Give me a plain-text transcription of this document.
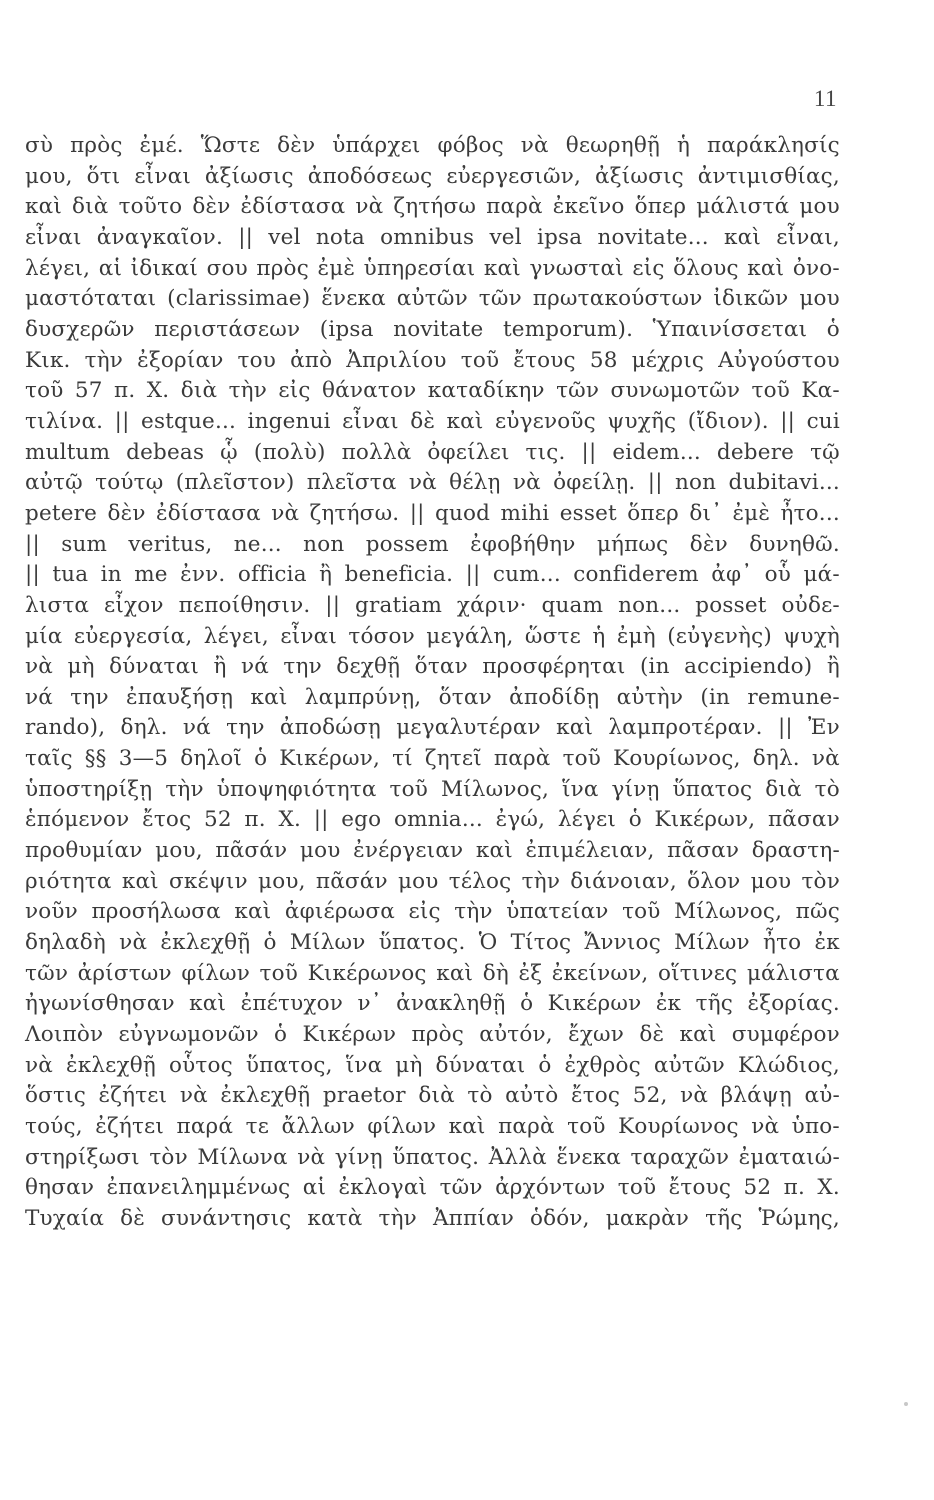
11
σὺ πρὸς ἐμέ. Ὥστε δὲν ὑπάρχει φόβος νὰ θεωρηθῇ ἡ παράκλησίς
μου, ὅτι εἶναι ἀξίωσις ἀποδόσεως εὐεργεσιῶν, ἀξίωσις ἀντιμισθίας,
καὶ διὰ τοῦτο δὲν ἐδίστασα νὰ ζητήσω παρὰ ἐκεῖνο ὅπερ μάλιστά μου
εἶναι ἀναγκαῖον. || vel nota omnibus vel ipsa novitate... καὶ εἶναι,
λέγει, αἱ ἰδικαί σου πρὸς ἐμὲ ὑπηρεσίαι καὶ γνωσταὶ εἰς ὅλους καὶ ὀνο-
μαστόταται (clarissimae) ἕνεκα αὐτῶν τῶν πρωτακούστων ἰδικῶν μου
δυσχερῶν περιστάσεων (ipsa novitate temporum). Ὑπαινίσσεται ὁ
Κικ. τὴν ἐξορίαν του ἀπὸ Ἀπριλίου τοῦ ἔτους 58 μέχρις Αὐγούστου
τοῦ 57 π. Χ. διὰ τὴν εἰς θάνατον καταδίκην τῶν συνωμοτῶν τοῦ Κα-
τιλίνα. || estque... ingenui εἶναι δὲ καὶ εὐγενοῦς ψυχῆς (ἴδιον). || cui
multum debeas ᾧ (πολὺ) πολλὰ ὀφείλει τις. || eidem... debere τῷ
αὐτῷ τούτῳ (πλεῖστον) πλεῖστα νὰ θέλῃ νὰ ὀφείλῃ. || non dubitavi...
petere δὲν ἐδίστασα νὰ ζητήσω. || quod mihi esset ὅπερ δι᾿ ἐμὲ ἦτο...
|| sum veritus, ne... non possem ἐφοβήθην μήπως δὲν δυνηθῶ.
|| tua in me ἐνν. officia ἢ beneficia. || cum... confiderem ἀφ᾿ οὗ μά-
λιστα εἶχον πεποίθησιν. || gratiam χάριν· quam non... posset οὐδε-
μία εὐεργεσία, λέγει, εἶναι τόσον μεγάλη, ὥστε ἡ ἐμὴ (εὐγενὴς) ψυχὴ
νὰ μὴ δύναται ἢ νά την δεχθῇ ὅταν προσφέρηται (in accipiendo) ἢ
νά την ἐπαυξήσῃ καὶ λαμπρύνῃ, ὅταν ἀποδίδῃ αὐτὴν (in remune-
rando), δηλ. νά την ἀποδώσῃ μεγαλυτέραν καὶ λαμπροτέραν. || Ἐν
ταῖς §§ 3—5 δηλοῖ ὁ Κικέρων, τί ζητεῖ παρὰ τοῦ Κουρίωνος, δηλ. νὰ
ὑποστηρίξῃ τὴν ὑποψηφιότητα τοῦ Μίλωνος, ἵνα γίνῃ ὕπατος διὰ τὸ
ἑπόμενον ἔτος 52 π. Χ. || ego omnia... ἐγώ, λέγει ὁ Κικέρων, πᾶσαν
προθυμίαν μου, πᾶσάν μου ἐνέργειαν καὶ ἐπιμέλειαν, πᾶσαν δραστη-
ριότητα καὶ σκέψιν μου, πᾶσάν μου τέλος τὴν διάνοιαν, ὅλον μου τὸν
νοῦν προσήλωσα καὶ ἀφιέρωσα εἰς τὴν ὑπατείαν τοῦ Μίλωνος, πῶς
δηλαδὴ νὰ ἐκλεχθῇ ὁ Μίλων ὕπατος. Ὁ Τίτος Ἄννιος Μίλων ἦτο ἐκ
τῶν ἀρίστων φίλων τοῦ Κικέρωνος καὶ δὴ ἐξ ἐκείνων, οἵτινες μάλιστα
ἠγωνίσθησαν καὶ ἐπέτυχον ν᾿ ἀνακληθῇ ὁ Κικέρων ἐκ τῆς ἐξορίας.
Λοιπὸν εὐγνωμονῶν ὁ Κικέρων πρὸς αὐτόν, ἔχων δὲ καὶ συμφέρον
νὰ ἐκλεχθῇ οὗτος ὕπατος, ἵνα μὴ δύναται ὁ ἐχθρὸς αὐτῶν Κλώδιος,
ὅστις ἐζήτει νὰ ἐκλεχθῇ praetor διὰ τὸ αὐτὸ ἔτος 52, νὰ βλάψῃ αὐ-
τούς, ἐζήτει παρά τε ἄλλων φίλων καὶ παρὰ τοῦ Κουρίωνος νὰ ὑπο-
στηρίξωσι τὸν Μίλωνα νὰ γίνῃ ὕπατος. Ἀλλὰ ἕνεκα ταραχῶν ἐματαιώ-
θησαν ἐπανειλημμένως αἱ ἐκλογαὶ τῶν ἀρχόντων τοῦ ἔτους 52 π. Χ.
Τυχαία δὲ συνάντησις κατὰ τὴν Ἀππίαν ὁδόν, μακρὰν τῆς Ῥώμης,
